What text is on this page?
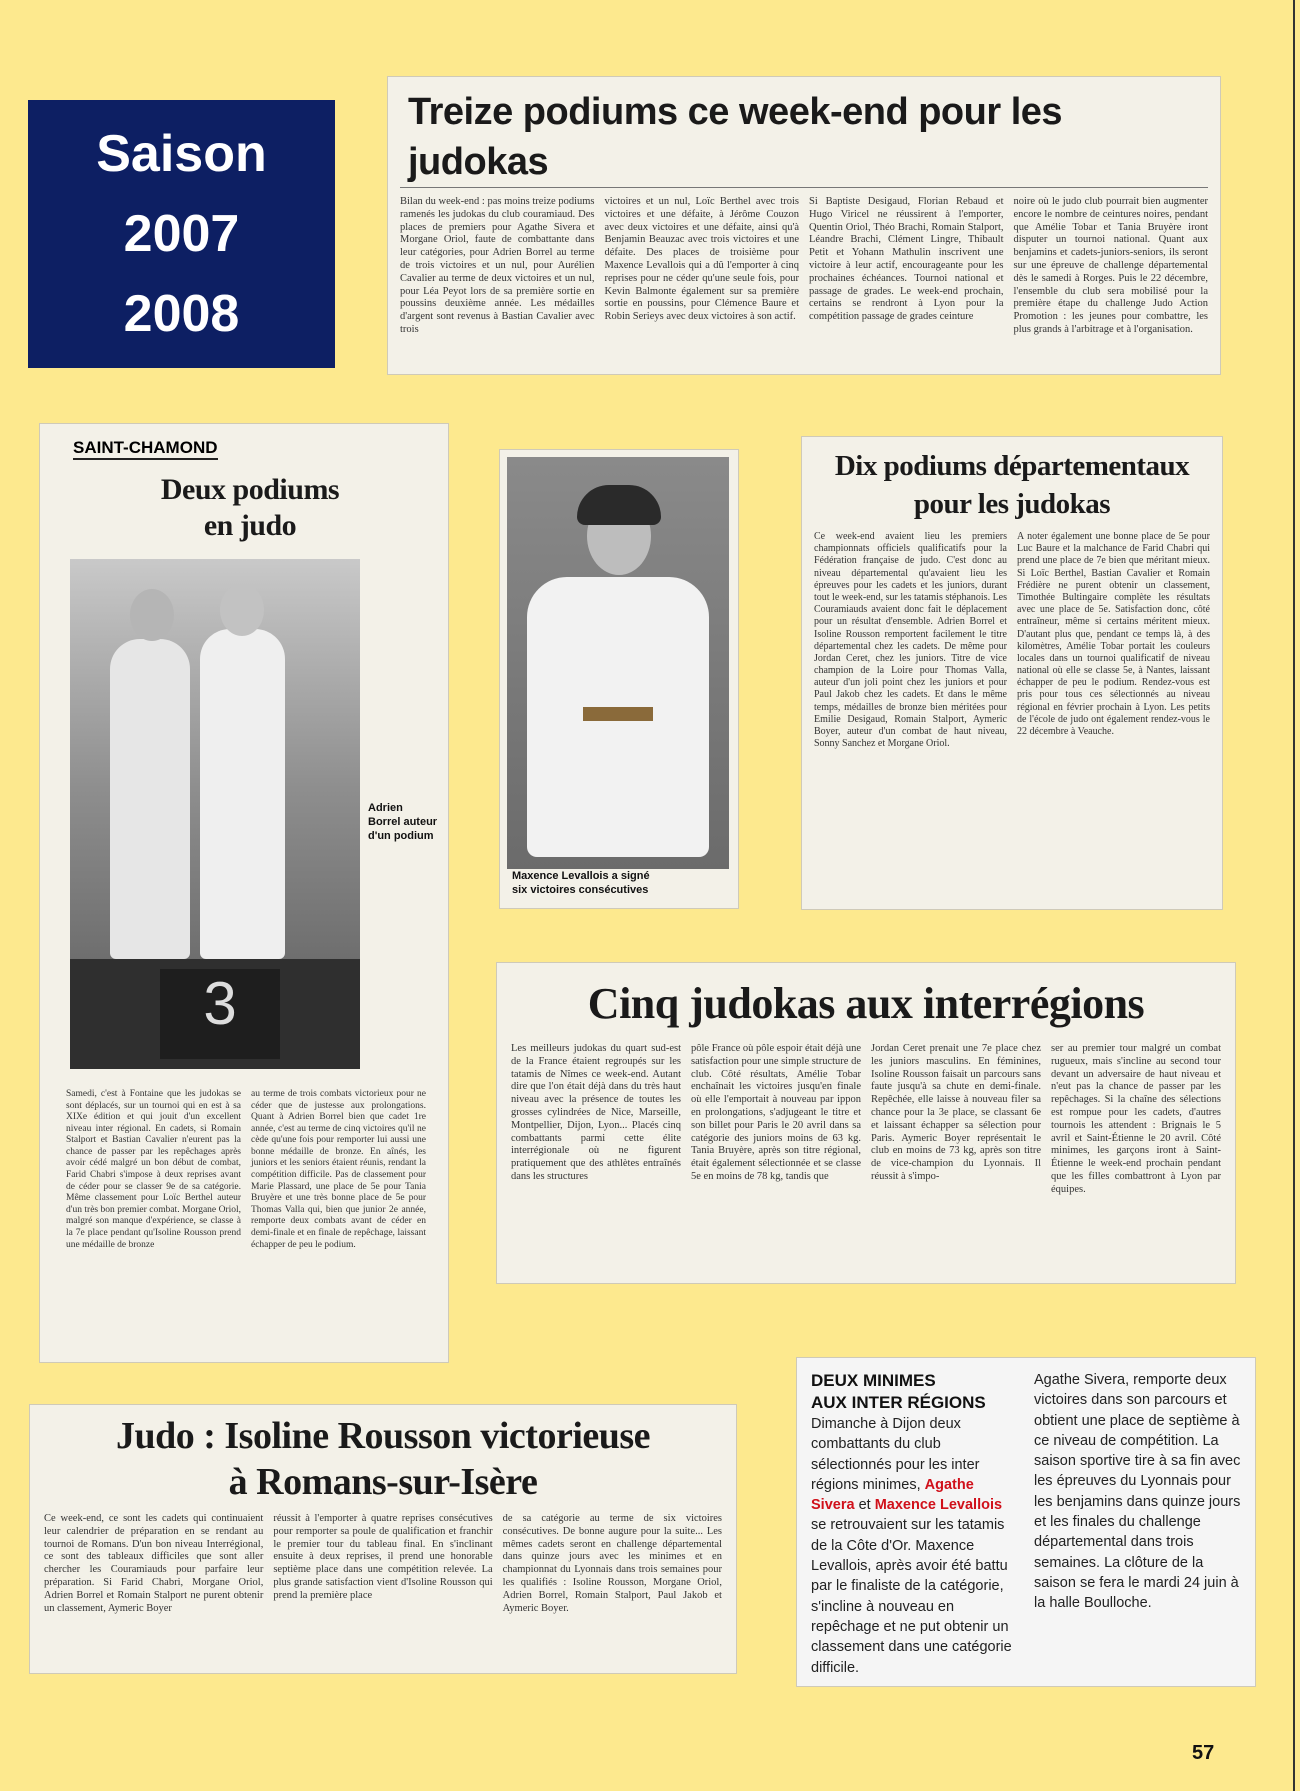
Saison
2007
2008
Treize podiums ce week-end pour les judokas

Bilan du week-end : pas moins treize podiums ramenés les judokas du club couramiaud. Des places de premiers pour Agathe Sivera et Morgane Oriol, faute de combattante dans leur catégories, pour Adrien Borrel au terme de trois victoires et un nul, pour Aurélien Cavalier au terme de deux victoires et un nul, pour Léa Peyot lors de sa première sortie en poussins deuxième année. Les médailles d'argent sont revenus à Bastian Cavalier avec trois

victoires et un nul, Loïc Berthel avec trois victoires et une défaite, à Jérôme Couzon avec deux victoires et une défaite, ainsi qu'à Benjamin Beauzac avec trois victoires et une défaite. Des places de troisième pour Maxence Levallois qui a dû l'emporter à cinq reprises pour ne céder qu'une seule fois, pour Kevin Balmonte également sur sa première sortie en poussins, pour Clémence Baure et Robin Serieys avec deux victoires à son actif.

Si Baptiste Desigaud, Florian Rebaud et Hugo Viricel ne réussirent à l'emporter, Quentin Oriol, Théo Brachi, Romain Stalport, Léandre Brachi, Clément Lingre, Thibault Petit et Yohann Mathulin inscrivent une victoire à leur actif, encourageante pour les prochaines échéances. Tournoi national et passage de grades. Le week-end prochain, certains se rendront à Lyon pour la compétition passage de grades ceinture

noire où le judo club pourrait bien augmenter encore le nombre de ceintures noires, pendant que Amélie Tobar et Tania Bruyère iront disputer un tournoi national. Quant aux benjamins et cadets-juniors-seniors, ils seront sur une épreuve de challenge départemental dès le samedi à Rorges. Puis le 22 décembre, l'ensemble du club sera mobilisé pour la première étape du challenge Judo Action Promotion : les jeunes pour combattre, les plus grands à l'arbitrage et à l'organisation.

SAINT-CHAMOND
Deux podiums
en judo
3
Adrien Borrel auteur d'un podium

Samedi, c'est à Fontaine que les judokas se sont déplacés, sur un tournoi qui en est à sa XIXe édition et qui jouit d'un excellent niveau inter régional. En cadets, si Romain Stalport et Bastian Cavalier n'eurent pas la chance de passer par les repêchages après avoir cédé malgré un bon début de combat, Farid Chabri s'impose à deux reprises avant de céder pour se classer 9e de sa catégorie. Même classement pour Loïc Berthel auteur d'un très bon premier combat. Morgane Oriol, malgré son manque d'expérience, se classe à la 7e place pendant qu'Isoline Rousson prend une médaille de bronze

au terme de trois combats victorieux pour ne céder que de justesse aux prolongations. Quant à Adrien Borrel bien que cadet 1re année, c'est au terme de cinq victoires qu'il ne cède qu'une fois pour remporter lui aussi une bonne médaille de bronze. En aînés, les juniors et les seniors étaient réunis, rendant la compétition difficile. Pas de classement pour Marie Plassard, une place de 5e pour Tania Bruyère et une très bonne place de 5e pour Thomas Valla qui, bien que junior 2e année, remporte deux combats avant de céder en demi-finale et en finale de repêchage, laissant échapper de peu le podium.

Maxence Levallois a signé
six victoires consécutives
Dix podiums départementaux
pour les judokas

Ce week-end avaient lieu les premiers championnats officiels qualificatifs pour la Fédération française de judo. C'est donc au niveau départemental qu'avaient lieu les épreuves pour les cadets et les juniors, durant tout le week-end, sur les tatamis stéphanois. Les Couramiauds avaient donc fait le déplacement pour un résultat d'ensemble. Adrien Borrel et Isoline Rousson remportent facilement le titre départemental chez les cadets. De même pour Jordan Ceret, chez les juniors. Titre de vice champion de la Loire pour Thomas Valla, auteur d'un joli point chez les juniors et pour Paul Jakob chez les cadets. Et dans le même temps, médailles de bronze bien méritées pour Emilie Desigaud, Romain Stalport, Aymeric Boyer, auteur d'un combat de haut niveau, Sonny Sanchez et Morgane Oriol.

A noter également une bonne place de 5e pour Luc Baure et la malchance de Farid Chabri qui prend une place de 7e bien que méritant mieux. Si Loïc Berthel, Bastian Cavalier et Romain Frédière ne purent obtenir un classement, Timothée Bultingaire complète les résultats avec une place de 5e. Satisfaction donc, côté entraîneur, même si certains méritent mieux. D'autant plus que, pendant ce temps là, à des kilomètres, Amélie Tobar portait les couleurs locales dans un tournoi qualificatif de niveau national où elle se classe 5e, à Nantes, laissant échapper de peu le podium. Rendez-vous est pris pour tous ces sélectionnés au niveau régional en février prochain à Lyon. Les petits de l'école de judo ont également rendez-vous le 22 décembre à Veauche.

Cinq judokas aux interrégions

Les meilleurs judokas du quart sud-est de la France étaient regroupés sur les tatamis de Nîmes ce week-end. Autant dire que l'on était déjà dans du très haut niveau avec la présence de toutes les grosses cylindrées de Nice, Marseille, Montpellier, Dijon, Lyon... Placés cinq combattants parmi cette élite interrégionale où ne figurent pratiquement que des athlètes entraînés dans les structures

pôle France où pôle espoir était déjà une satisfaction pour une simple structure de club. Côté résultats, Amélie Tobar enchaînait les victoires jusqu'en finale où elle l'emportait à nouveau par ippon en prolongations, s'adjugeant le titre et son billet pour Paris le 20 avril dans sa catégorie des juniors moins de 63 kg. Tania Bruyère, après son titre régional, était également sélectionnée et se classe 5e en moins de 78 kg, tandis que

Jordan Ceret prenait une 7e place chez les juniors masculins. En féminines, Isoline Rousson faisait un parcours sans faute jusqu'à sa chute en demi-finale. Repêchée, elle laisse à nouveau filer sa chance pour la 3e place, se classant 6e et laissant échapper sa sélection pour Paris. Aymeric Boyer représentait le club en moins de 73 kg, après son titre de vice-champion du Lyonnais. Il réussit à s'impo-

ser au premier tour malgré un combat rugueux, mais s'incline au second tour devant un adversaire de haut niveau et n'eut pas la chance de passer par les repêchages. Si la chaîne des sélections est rompue pour les cadets, d'autres tournois les attendent : Brignais le 5 avril et Saint-Étienne le 20 avril. Côté minimes, les garçons iront à Saint-Étienne le week-end prochain pendant que les filles combattront à Lyon par équipes.

Judo : Isoline Rousson victorieuse
à Romans-sur-Isère

Ce week-end, ce sont les cadets qui continuaient leur calendrier de préparation en se rendant au tournoi de Romans. D'un bon niveau Interrégional, ce sont des tableaux difficiles que sont aller chercher les Couramiauds pour parfaire leur préparation. Si Farid Chabri, Morgane Oriol, Adrien Borrel et Romain Stalport ne purent obtenir un classement, Aymeric Boyer

réussit à l'emporter à quatre reprises consécutives pour remporter sa poule de qualification et franchir le premier tour du tableau final. En s'inclinant ensuite à deux reprises, il prend une honorable septième place dans une compétition relevée. La plus grande satisfaction vient d'Isoline Rousson qui prend la première place

de sa catégorie au terme de six victoires consécutives. De bonne augure pour la suite... Les mêmes cadets seront en challenge départemental dans quinze jours avec les minimes et en championnat du Lyonnais dans trois semaines pour les qualifiés : Isoline Rousson, Morgane Oriol, Adrien Borrel, Romain Stalport, Paul Jakob et Aymeric Boyer.

DEUX MINIMES
AUX INTER RÉGIONS

Dimanche à Dijon deux combattants du club sélectionnés pour les inter régions minimes, Agathe Sivera et Maxence Levallois se retrouvaient sur les tatamis de la Côte d'Or. Maxence Levallois, après avoir été battu par le finaliste de la catégorie, s'incline à nouveau en repêchage et ne put obtenir un classement dans une catégorie difficile.

Agathe Sivera, remporte deux victoires dans son parcours et obtient une place de septième à ce niveau de compétition. La saison sportive tire à sa fin avec les épreuves du Lyonnais pour les benjamins dans quinze jours et les finales du challenge départemental dans trois semaines. La clôture de la saison se fera le mardi 24 juin à la halle Boulloche.

57
